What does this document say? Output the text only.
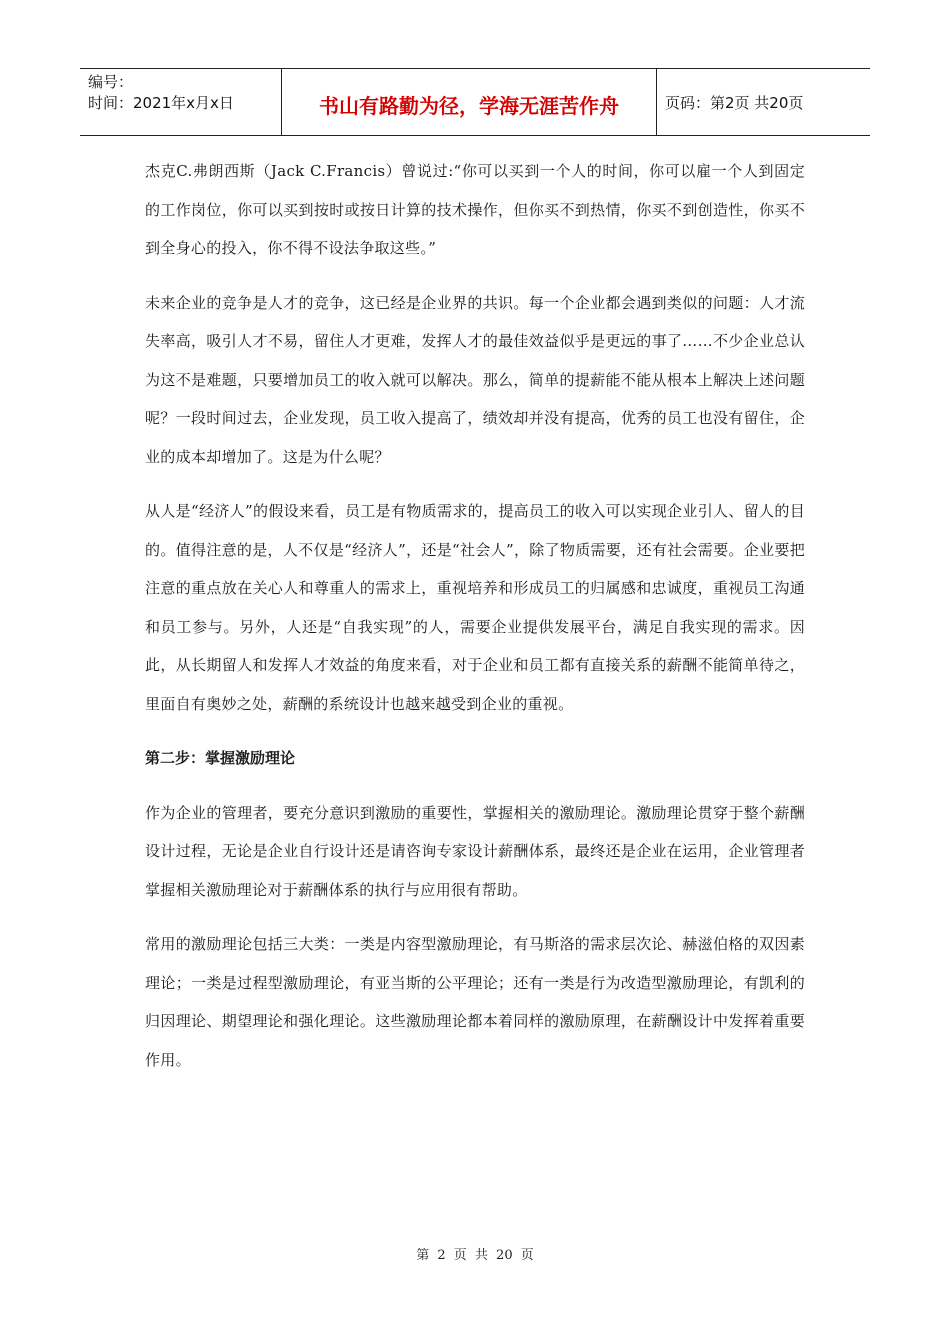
编号：
时间：2021年x月x日	书山有路勤为径，学海无涯苦作舟	页码：第2页 共20页

杰克C.弗朗西斯（Jack C.Francis）曾说过:“你可以买到一个人的时间，你可以雇一个人到固定的工作岗位，你可以买到按时或按日计算的技术操作，但你买不到热情，你买不到创造性，你买不到全身心的投入，你不得不设法争取这些。”

未来企业的竞争是人才的竞争，这已经是企业界的共识。每一个企业都会遇到类似的问题：人才流失率高，吸引人才不易，留住人才更难，发挥人才的最佳效益似乎是更远的事了……不少企业总认为这不是难题，只要增加员工的收入就可以解决。那么，简单的提薪能不能从根本上解决上述问题呢？一段时间过去，企业发现，员工收入提高了，绩效却并没有提高，优秀的员工也没有留住，企业的成本却增加了。这是为什么呢？

从人是“经济人”的假设来看，员工是有物质需求的，提高员工的收入可以实现企业引人、留人的目的。值得注意的是，人不仅是“经济人”，还是“社会人”，除了物质需要，还有社会需要。企业要把注意的重点放在关心人和尊重人的需求上，重视培养和形成员工的归属感和忠诚度，重视员工沟通和员工参与。另外，人还是“自我实现”的人，需要企业提供发展平台，满足自我实现的需求。因此，从长期留人和发挥人才效益的角度来看，对于企业和员工都有直接关系的薪酬不能简单待之，里面自有奥妙之处，薪酬的系统设计也越来越受到企业的重视。

第二步：掌握激励理论

作为企业的管理者，要充分意识到激励的重要性，掌握相关的激励理论。激励理论贯穿于整个薪酬设计过程，无论是企业自行设计还是请咨询专家设计薪酬体系，最终还是企业在运用，企业管理者掌握相关激励理论对于薪酬体系的执行与应用很有帮助。

常用的激励理论包括三大类：一类是内容型激励理论，有马斯洛的需求层次论、赫滋伯格的双因素理论；一类是过程型激励理论，有亚当斯的公平理论；还有一类是行为改造型激励理论，有凯利的归因理论、期望理论和强化理论。这些激励理论都本着同样的激励原理，在薪酬设计中发挥着重要作用。

第 2 页 共 20 页
